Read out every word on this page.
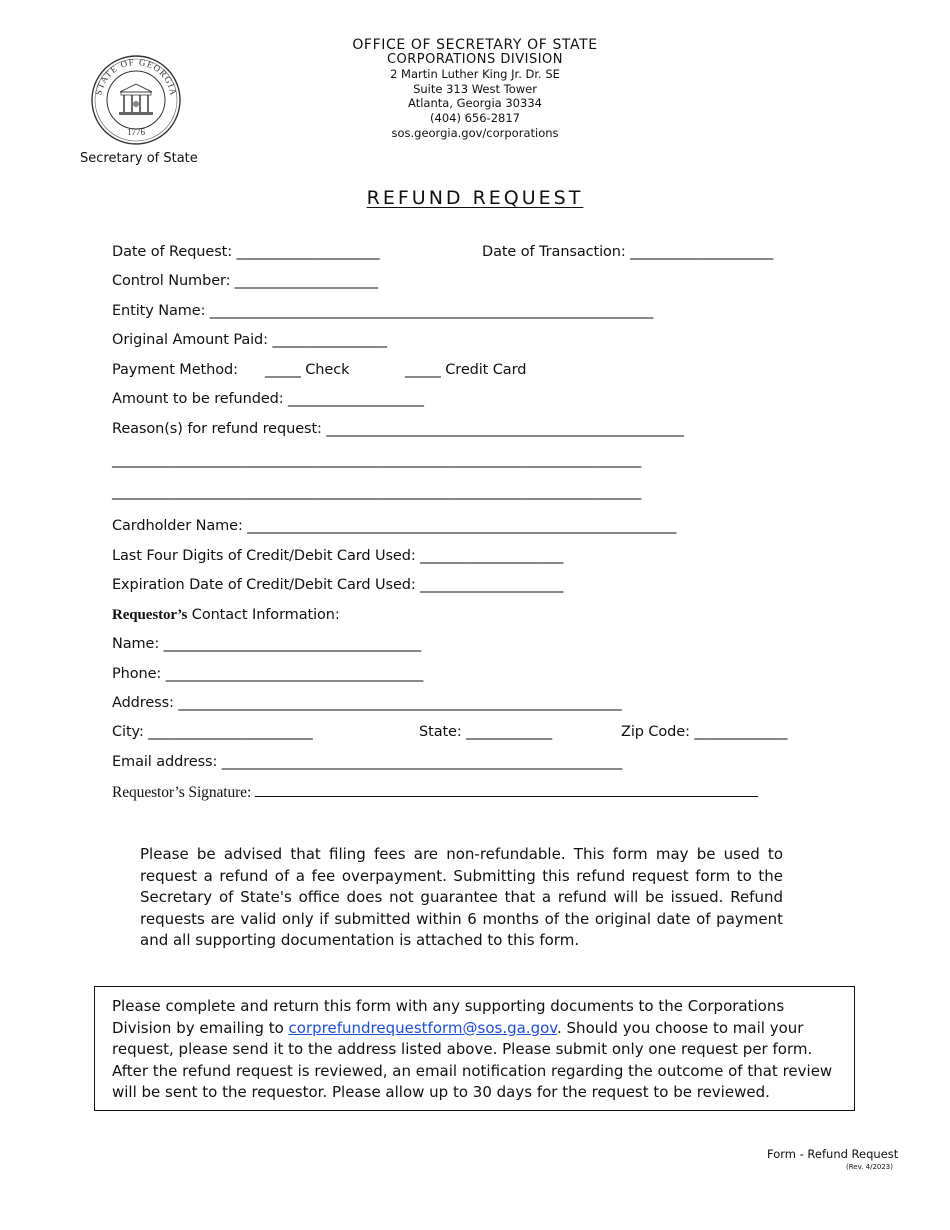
STATE OF GEORGIA
1776
Secretary of State
OFFICE OF SECRETARY OF STATE
CORPORATIONS DIVISION
2 Martin Luther King Jr. Dr. SE
Suite 313 West Tower
Atlanta, Georgia 30334
(404) 656-2817
sos.georgia.gov/corporations
REFUND REQUEST
Date of Request: ____________________	Date of Transaction: ____________________
Control Number: ____________________
Entity Name: ______________________________________________________________
Original Amount Paid: ________________
Payment Method: _____ Check	_____ Credit Card
Amount to be refunded: ___________________
Reason(s) for refund request: __________________________________________________
__________________________________________________________________________
__________________________________________________________________________
Cardholder Name: ____________________________________________________________
Last Four Digits of Credit/Debit Card Used: ____________________
Expiration Date of Credit/Debit Card Used: ____________________
Requestor’s Contact Information:
Name: ____________________________________
Phone: ____________________________________
Address: ______________________________________________________________
City: _______________________	State: ____________	Zip Code: _____________
Email address: ________________________________________________________
Requestor’s Signature:
Please be advised that filing fees are non-refundable. This form may be used to request a refund of a fee overpayment. Submitting this refund request form to the Secretary of State's office does not guarantee that a refund will be issued. Refund requests are valid only if submitted within 6 months of the original date of payment and all supporting documentation is attached to this form.
Please complete and return this form with any supporting documents to the Corporations Division by emailing to corprefundrequestform@sos.ga.gov. Should you choose to mail your request, please send it to the address listed above. Please submit only one request per form. After the refund request is reviewed, an email notification regarding the outcome of that review will be sent to the requestor. Please allow up to 30 days for the request to be reviewed.
Form - Refund Request
(Rev. 4/2023)
